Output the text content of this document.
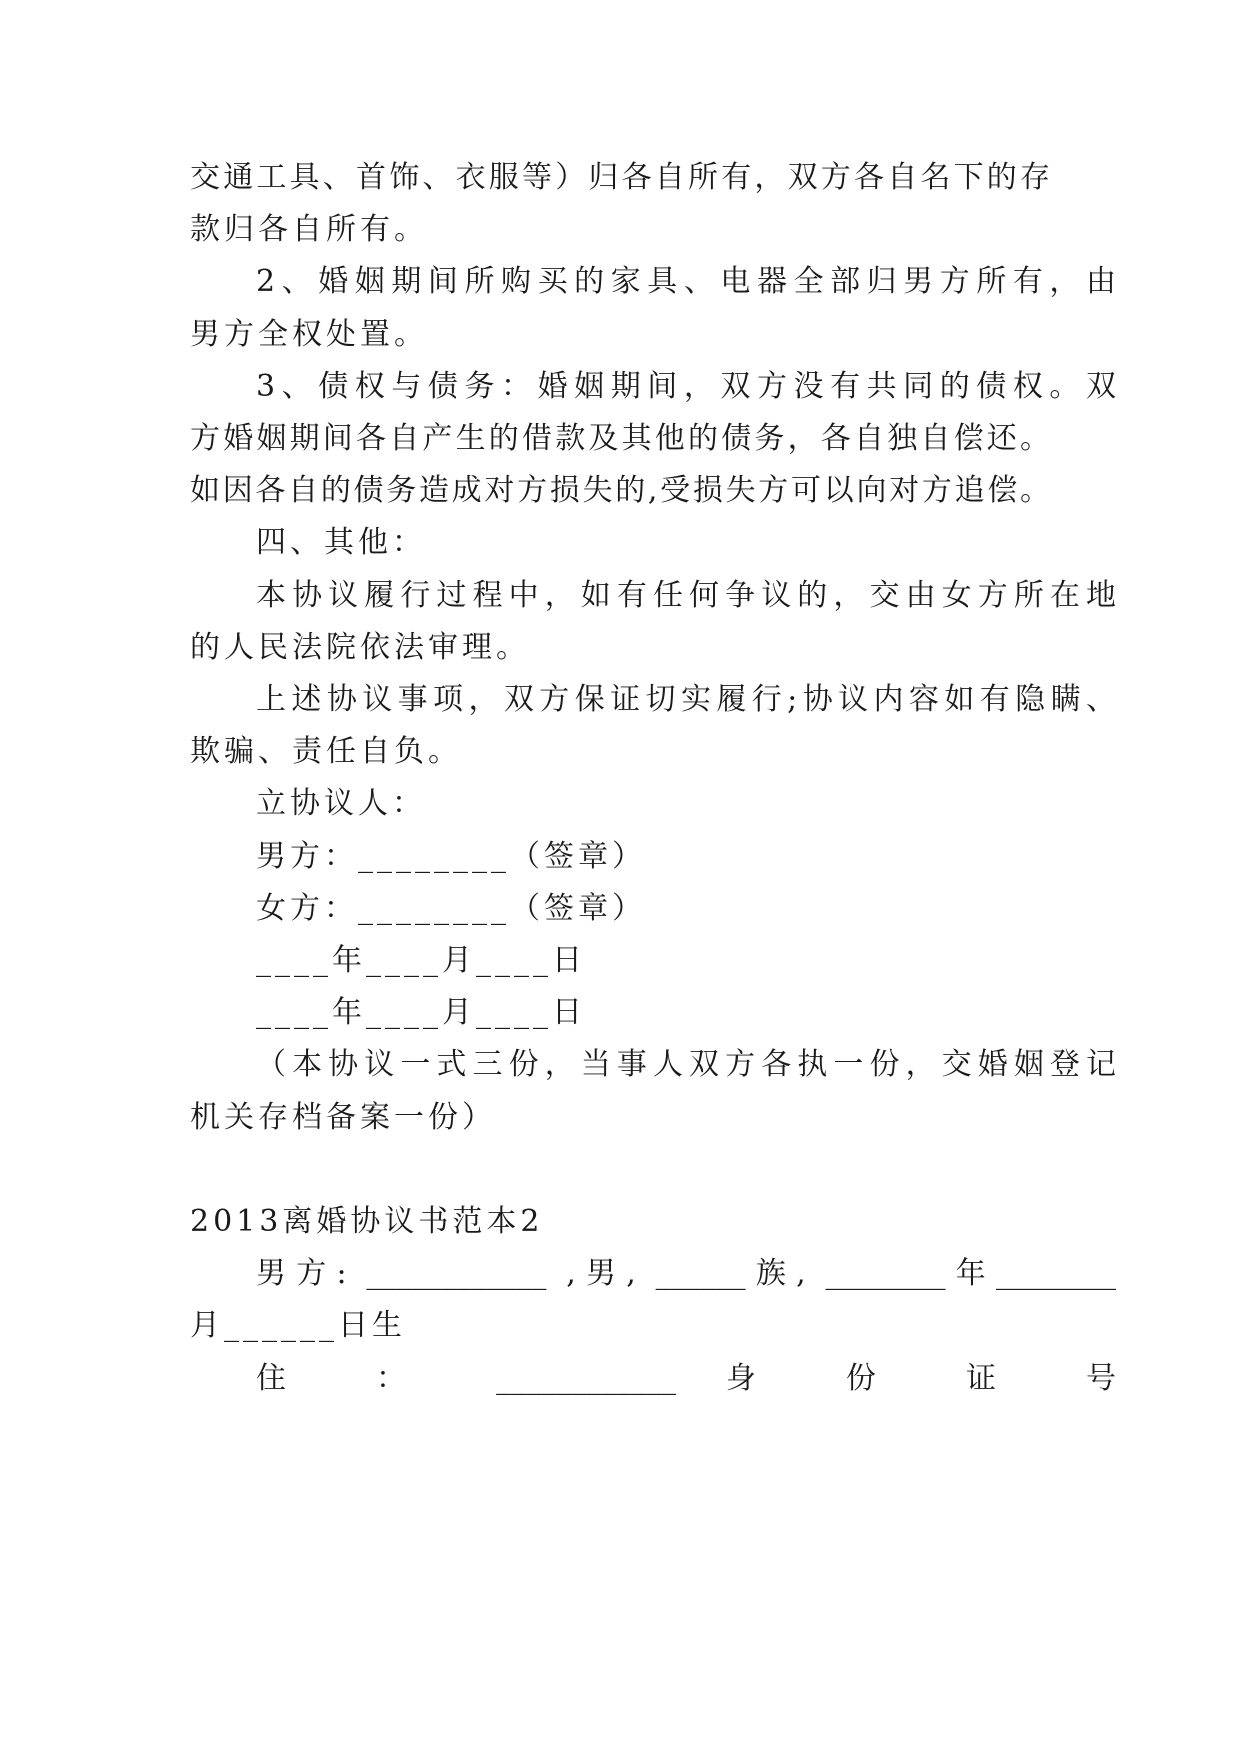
交通工具、首饰、衣服等）归各自所有，双方各自名下的存
款归各自所有。
2、婚姻期间所购买的家具、电器全部归男方所有，由
男方全权处置。
3、债权与债务：婚姻期间，双方没有共同的债权。双
方婚姻期间各自产生的借款及其他的债务，各自独自偿还。
如因各自的债务造成对方损失的,受损失方可以向对方追偿。
四、其他：
本协议履行过程中，如有任何争议的，交由女方所在地
的人民法院依法审理。
上述协议事项，双方保证切实履行;协议内容如有隐瞒、
欺骗、责任自负。
立协议人：
男方：________（签章）
女方：________（签章）
____年____月____日
____年____月____日
（本协议一式三份，当事人双方各执一份，交婚姻登记
机关存档备案一份）
2013离婚协议书范本2
男方: ____________ ,男, ______族, ________年________
月______日生
住 ： ____________ 身 份 证 号
